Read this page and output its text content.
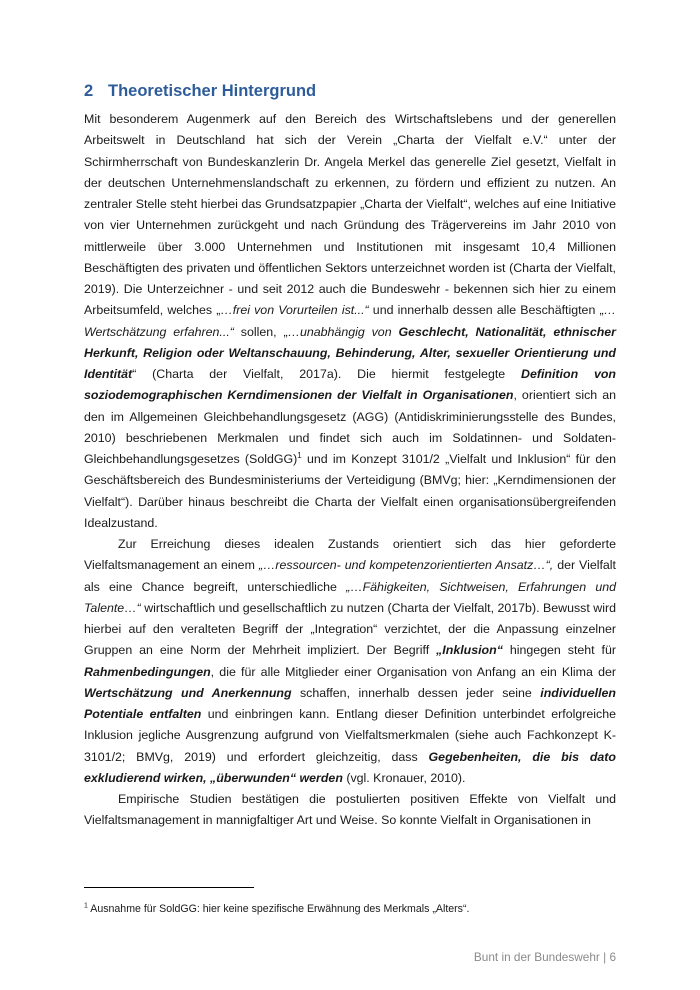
2 Theoretischer Hintergrund

Mit besonderem Augenmerk auf den Bereich des Wirtschaftslebens und der generellen Arbeitswelt in Deutschland hat sich der Verein „Charta der Vielfalt e.V.“ unter der Schirmherrschaft von Bundeskanzlerin Dr. Angela Merkel das generelle Ziel gesetzt, Vielfalt in der deutschen Unternehmenslandschaft zu erkennen, zu fördern und effizient zu nutzen. An zentraler Stelle steht hierbei das Grundsatzpapier „Charta der Vielfalt“, welches auf eine Initiative von vier Unternehmen zurückgeht und nach Gründung des Trägervereins im Jahr 2010 von mittlerweile über 3.000 Unternehmen und Institutionen mit insgesamt 10,4 Millionen Beschäftigten des privaten und öffentlichen Sektors unterzeichnet worden ist (Charta der Vielfalt, 2019). Die Unterzeichner - und seit 2012 auch die Bundeswehr - bekennen sich hier zu einem Arbeitsumfeld, welches „…frei von Vorurteilen ist...“ und innerhalb dessen alle Beschäftigten „…Wertschätzung erfahren...“ sollen, „…unabhängig von Geschlecht, Nationalität, ethnischer Herkunft, Religion oder Weltanschauung, Behinderung, Alter, sexueller Orientierung und Identität“ (Charta der Vielfalt, 2017a). Die hiermit festgelegte Definition von soziodemographischen Kerndimensionen der Vielfalt in Organisationen, orientiert sich an den im Allgemeinen Gleichbehandlungsgesetz (AGG) (Antidiskriminierungsstelle des Bundes, 2010) beschriebenen Merkmalen und findet sich auch im Soldatinnen- und Soldaten-Gleichbehandlungsgesetzes (SoldGG)$^1$ und im Konzept 3101/2 „Vielfalt und Inklusion“ für den Geschäftsbereich des Bundesministeriums der Verteidigung (BMVg; hier: „Kerndimensionen der Vielfalt“). Darüber hinaus beschreibt die Charta der Vielfalt einen organisationsübergreifenden Idealzustand.

Zur Erreichung dieses idealen Zustands orientiert sich das hier geforderte Vielfaltsmanagement an einem „…ressourcen- und kompetenzorientierten Ansatz…“, der Vielfalt als eine Chance begreift, unterschiedliche „…Fähigkeiten, Sichtweisen, Erfahrungen und Talente…“ wirtschaftlich und gesellschaftlich zu nutzen (Charta der Vielfalt, 2017b). Bewusst wird hierbei auf den veralteten Begriff der „Integration“ verzichtet, der die Anpassung einzelner Gruppen an eine Norm der Mehrheit impliziert. Der Begriff „Inklusion“ hingegen steht für Rahmenbedingungen, die für alle Mitglieder einer Organisation von Anfang an ein Klima der Wertschätzung und Anerkennung schaffen, innerhalb dessen jeder seine individuellen Potentiale entfalten und einbringen kann. Entlang dieser Definition unterbindet erfolgreiche Inklusion jegliche Ausgrenzung aufgrund von Vielfaltsmerkmalen (siehe auch Fachkonzept K-3101/2; BMVg, 2019) und erfordert gleichzeitig, dass Gegebenheiten, die bis dato exkludierend wirken, „überwunden“ werden (vgl. Kronauer, 2010).

Empirische Studien bestätigen die postulierten positiven Effekte von Vielfalt und Vielfaltsmanagement in mannigfaltiger Art und Weise. So konnte Vielfalt in Organisationen in

$^1$ Ausnahme für SoldGG: hier keine spezifische Erwähnung des Merkmals „Alters“.
Bunt in der Bundeswehr | 6
